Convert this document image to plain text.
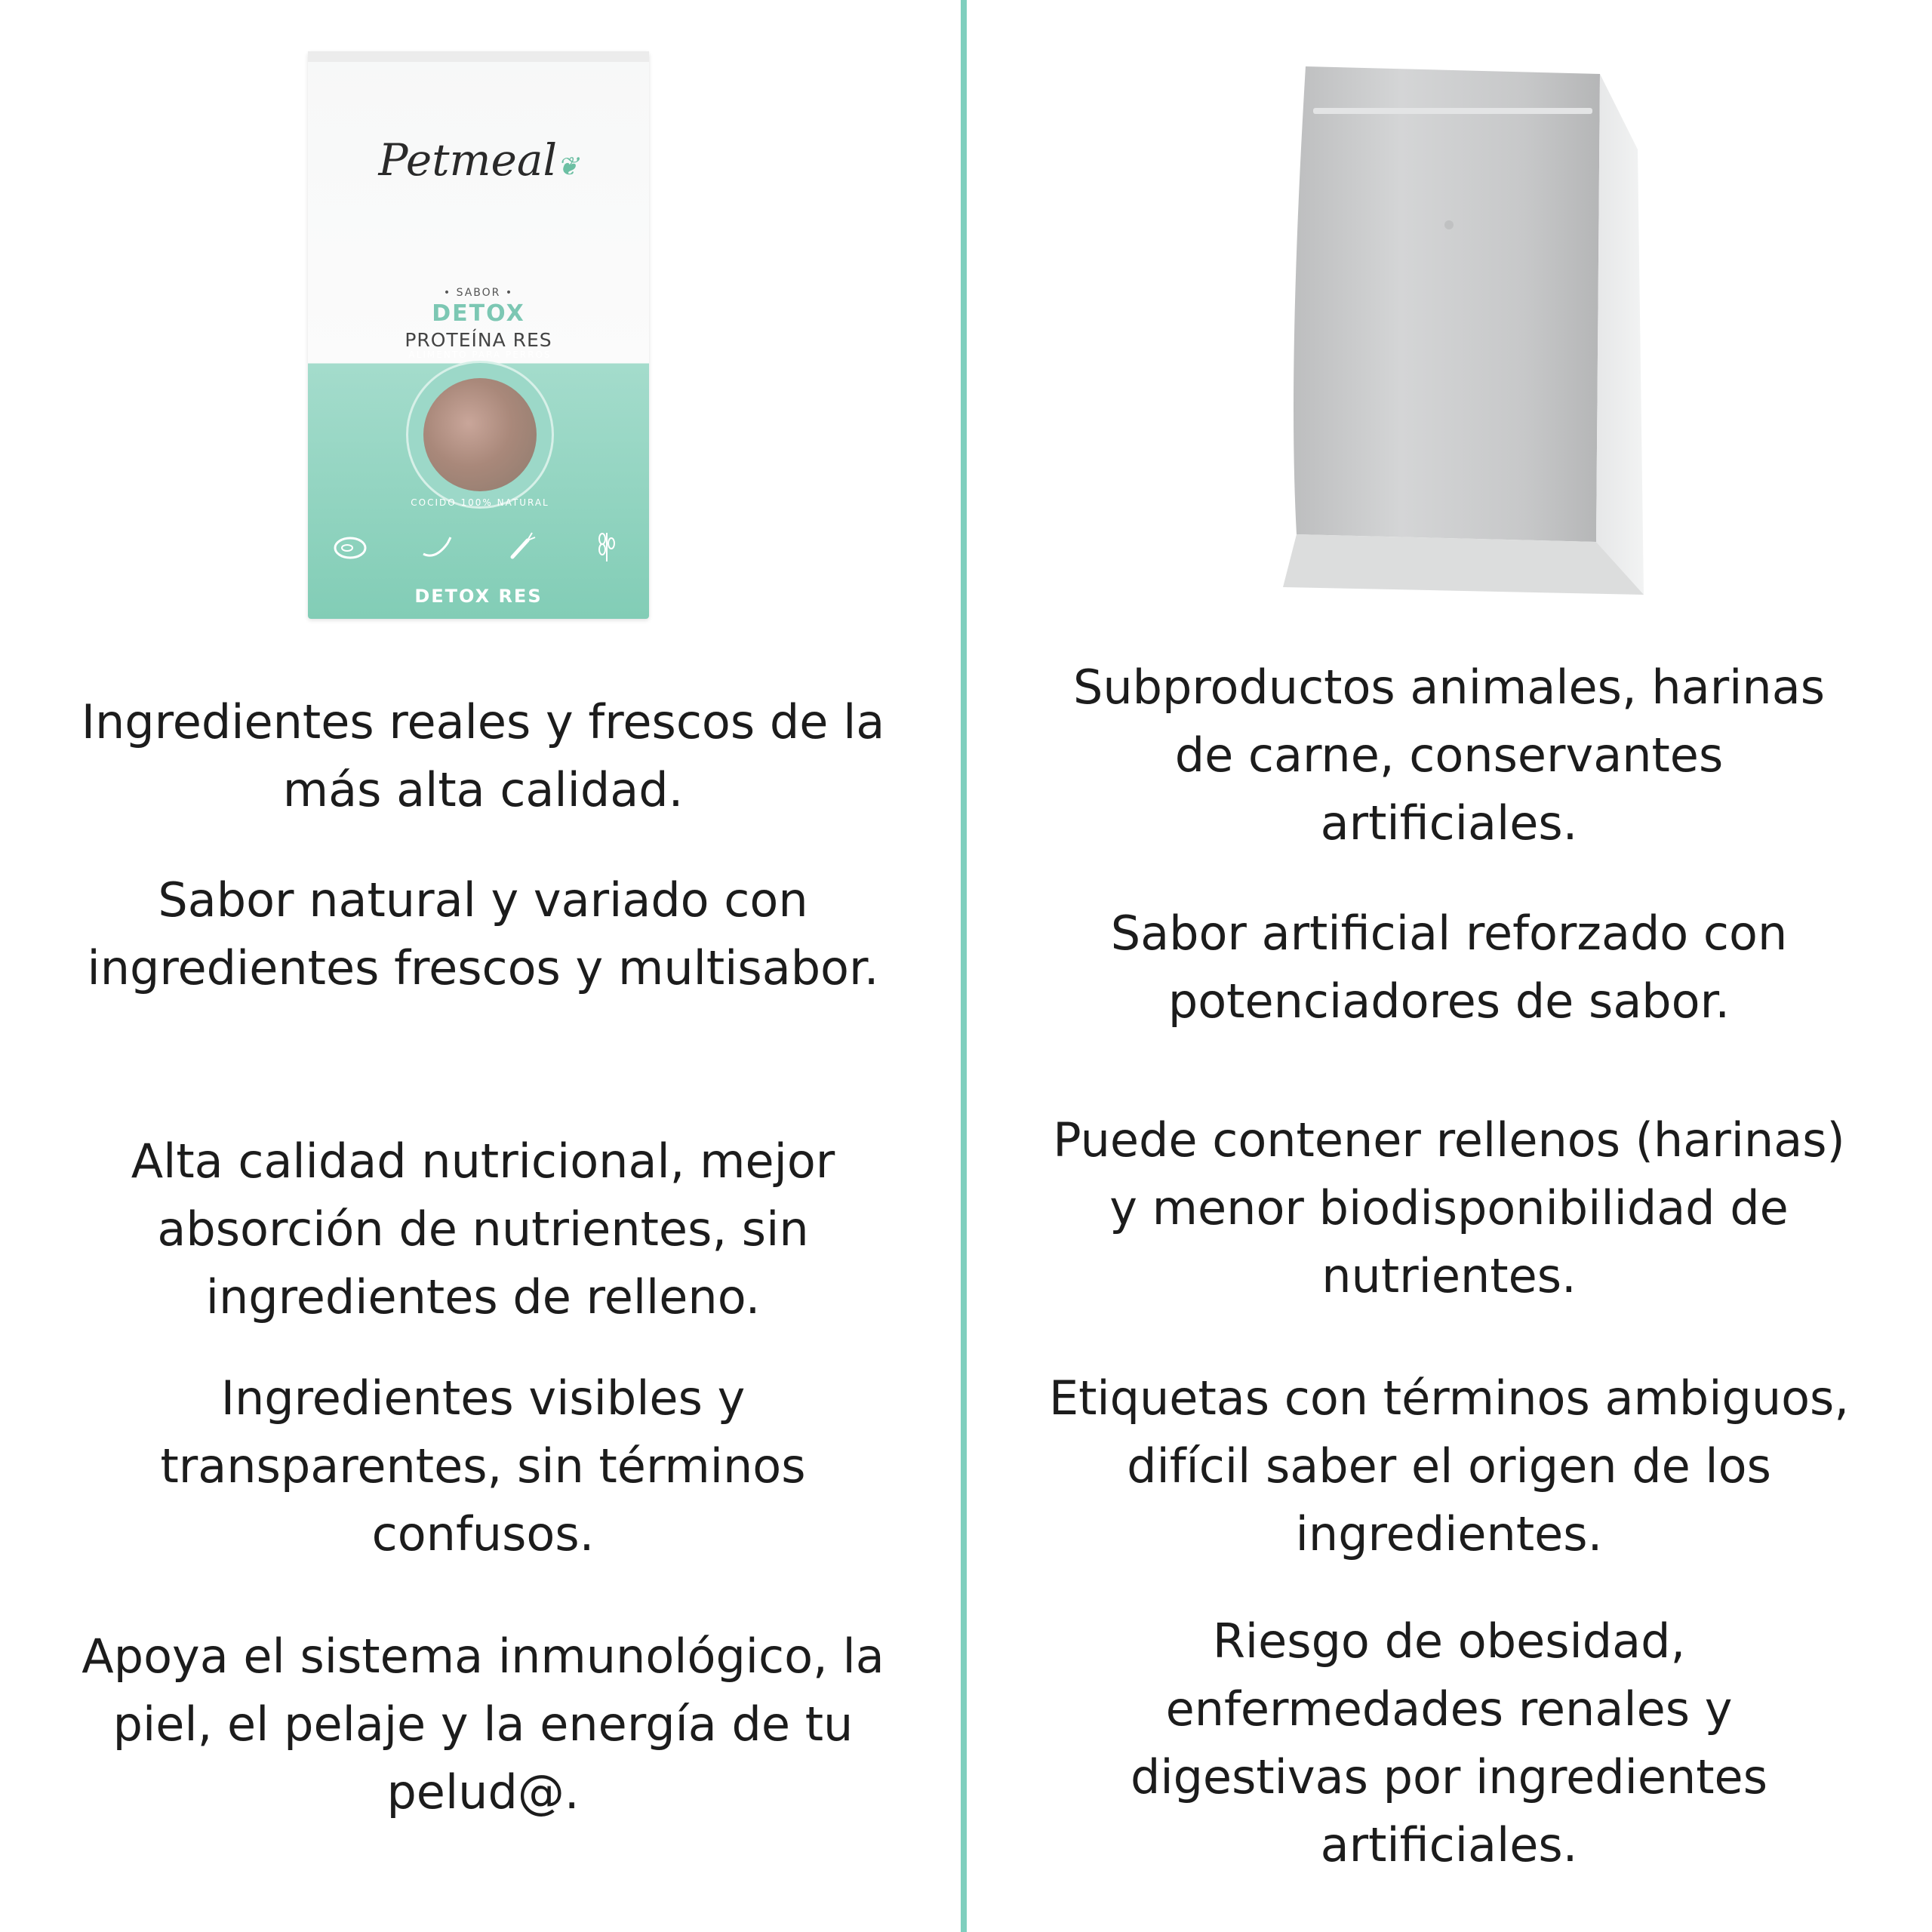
Petmeal❦
• SABOR •
DETOX
PROTEÍNA RES
ALIMENTO PARA PERROS
COCIDO 100% NATURAL
DETOX RES

Ingredientes reales y frescos de la más alta calidad.

Sabor natural y variado con ingredientes frescos y multisabor.

Alta calidad nutricional, mejor absorción de nutrientes, sin ingredientes de relleno.

Ingredientes visibles y transparentes, sin términos confusos.

Apoya el sistema inmunológico, la piel, el pelaje y la energía de tu pelud@.

Subproductos animales, harinas de carne, conservantes artificiales.

Sabor artificial reforzado con potenciadores de sabor.

Puede contener rellenos (harinas) y menor biodisponibilidad de nutrientes.

Etiquetas con términos ambiguos, difícil saber el origen de los ingredientes.

Riesgo de obesidad, enfermedades renales y digestivas por ingredientes artificiales.
